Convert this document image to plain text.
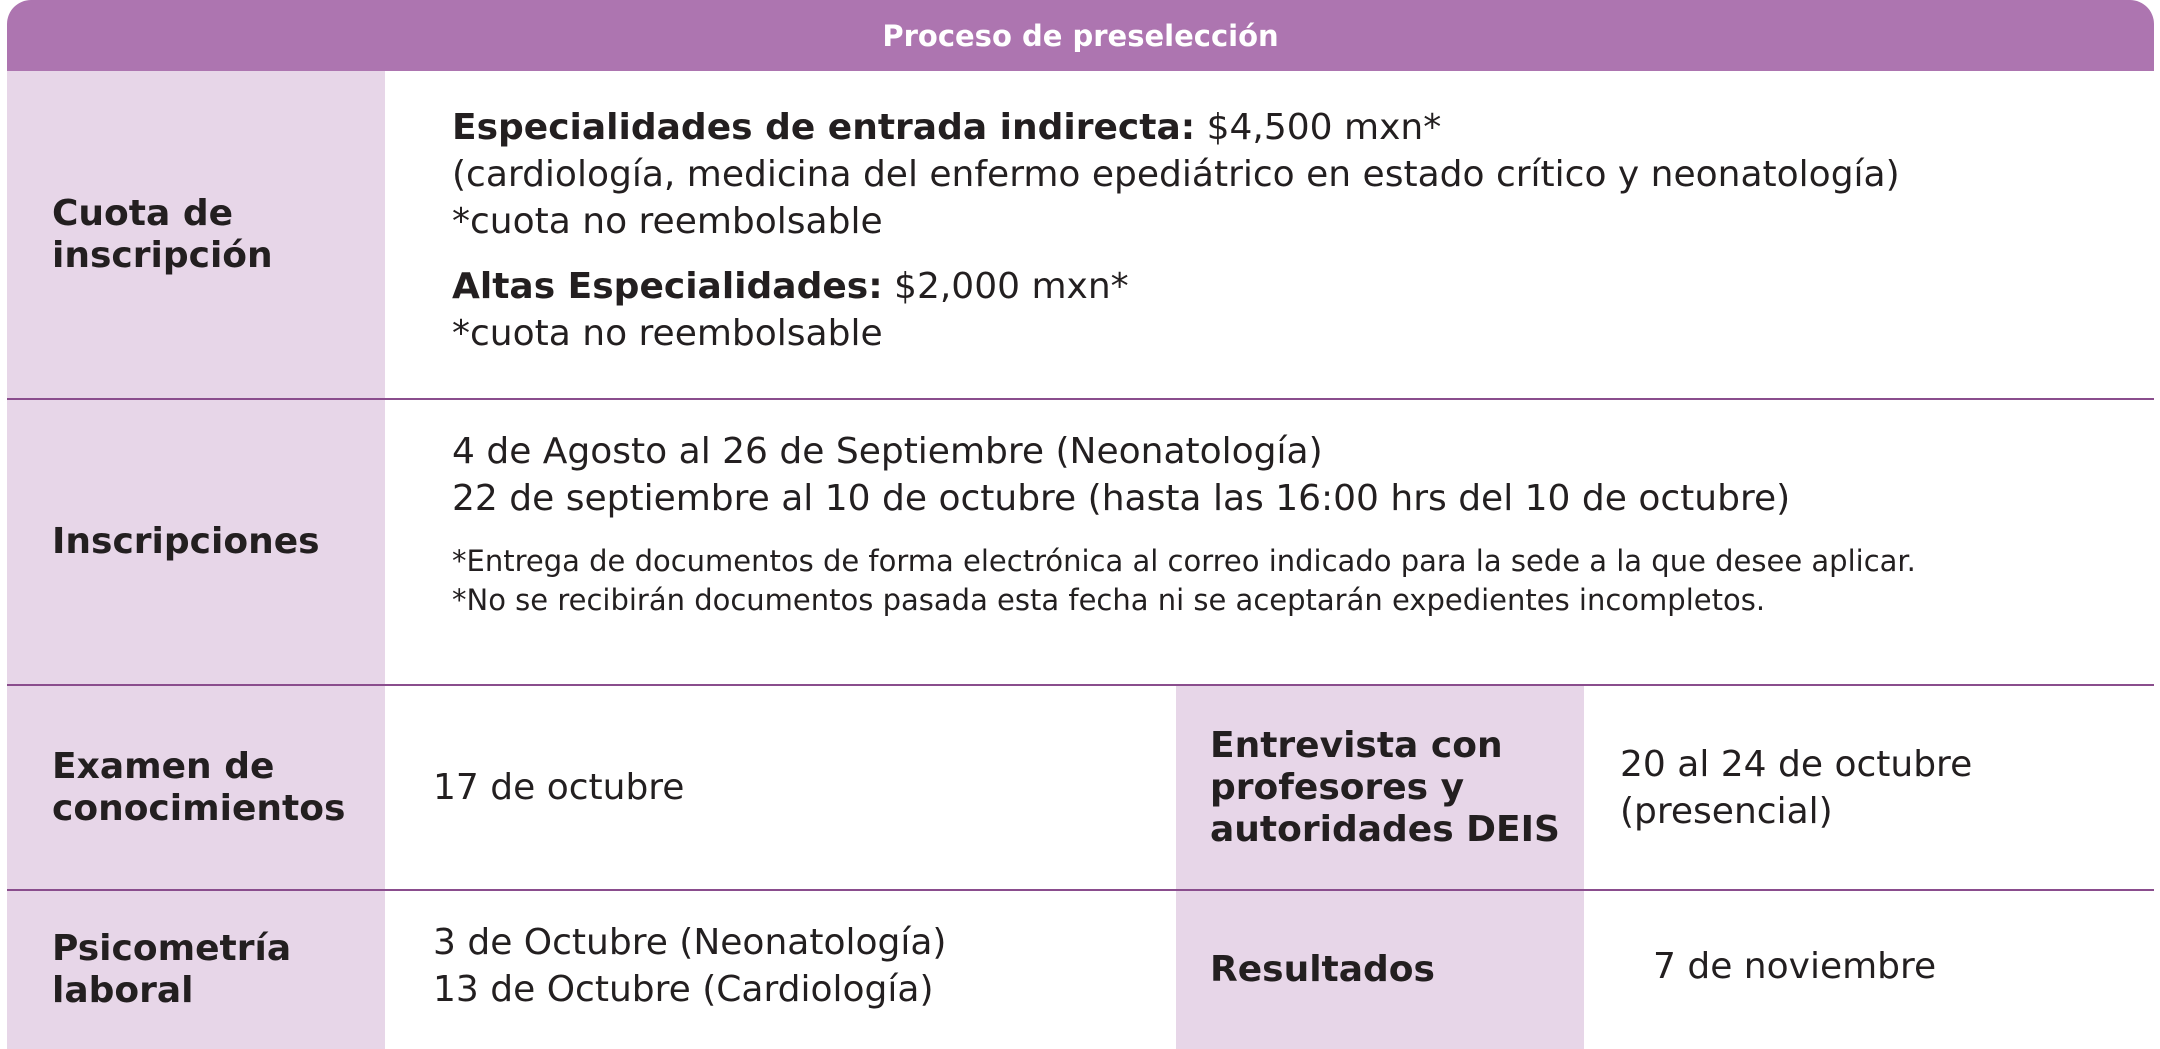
Proceso de preselección
Cuota de
inscripción
Especialidades de entrada indirecta: $4,500 mxn*
(cardiología, medicina del enfermo epediátrico en estado crítico y neonatología)
*cuota no reembolsable
Altas Especialidades: $2,000 mxn*
*cuota no reembolsable
Inscripciones
4 de Agosto al 26 de Septiembre (Neonatología)
22 de septiembre al 10 de octubre (hasta las 16:00 hrs del 10 de octubre)
*Entrega de documentos de forma electrónica al correo indicado para la sede a la que desee aplicar.
*No se recibirán documentos pasada esta fecha ni se aceptarán expedientes incompletos.
Examen de
conocimientos 17 de octubre
Entrevista con
profesores y
autoridades DEIS
20 al 24 de octubre
(presencial)
Psicometría
laboral
3 de Octubre (Neonatología)
13 de Octubre (Cardiología)	Resultados	7 de noviembre
